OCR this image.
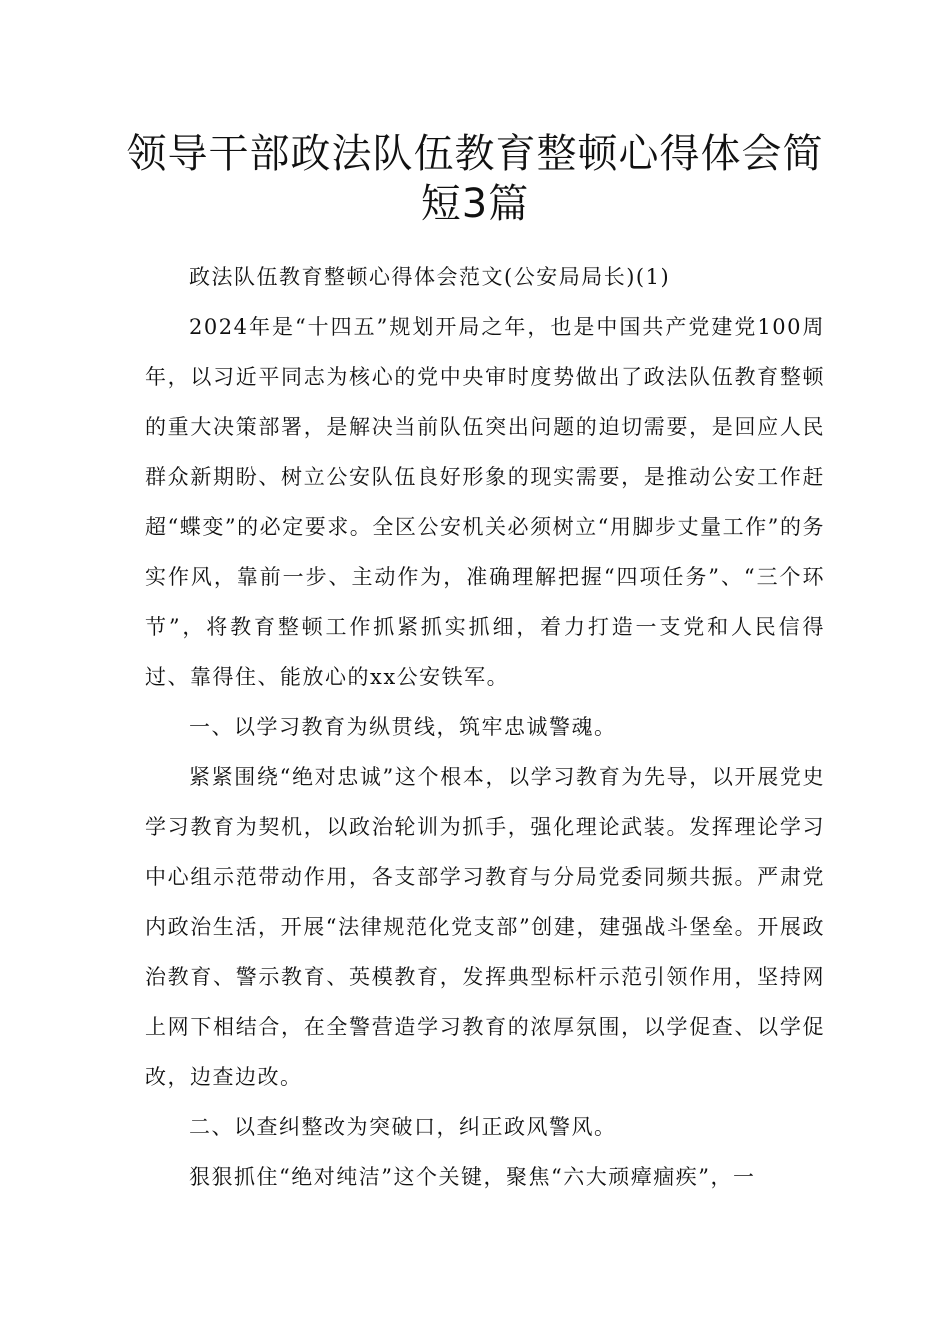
领导干部政法队伍教育整顿心得体会简
短3篇

政法队伍教育整顿心得体会范文(公安局局长)(1)

2024年是“十四五”规划开局之年，也是中国共产党建党100周年，以习近平同志为核心的党中央审时度势做出了政法队伍教育整顿的重大决策部署，是解决当前队伍突出问题的迫切需要，是回应人民群众新期盼、树立公安队伍良好形象的现实需要，是推动公安工作赶超“蝶变”的必定要求。全区公安机关必须树立“用脚步丈量工作”的务实作风，靠前一步、主动作为，准确理解把握“四项任务”、“三个环节”，将教育整顿工作抓紧抓实抓细，着力打造一支党和人民信得过、靠得住、能放心的xx公安铁军。

一、以学习教育为纵贯线，筑牢忠诚警魂。

紧紧围绕“绝对忠诚”这个根本，以学习教育为先导，以开展党史学习教育为契机，以政治轮训为抓手，强化理论武装。发挥理论学习中心组示范带动作用，各支部学习教育与分局党委同频共振。严肃党内政治生活，开展“法律规范化党支部”创建，建强战斗堡垒。开展政治教育、警示教育、英模教育，发挥典型标杆示范引领作用，坚持网上网下相结合，在全警营造学习教育的浓厚氛围，以学促查、以学促改，边查边改。

二、以查纠整改为突破口，纠正政风警风。

狠狠抓住“绝对纯洁”这个关键，聚焦“六大顽瘴痼疾”，一
